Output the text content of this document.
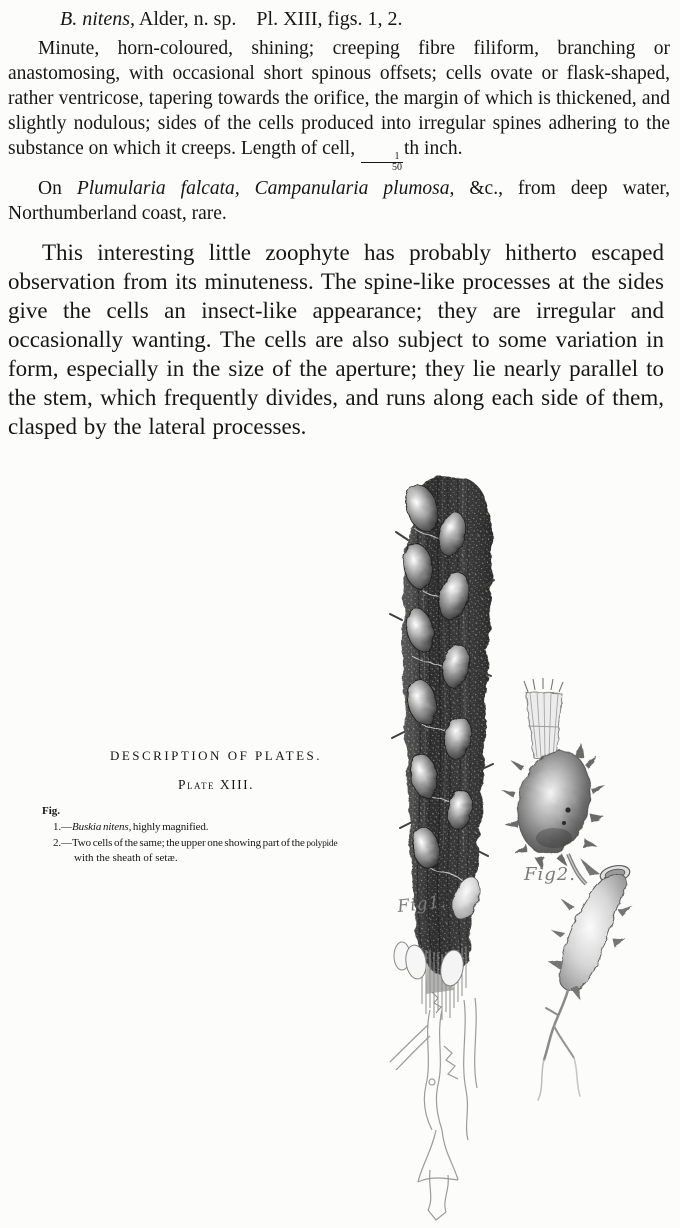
B. nitens, Alder, n. sp. Pl. XIII, figs. 1, 2.

Minute, horn-coloured, shining; creeping fibre filiform, branching or anastomosing, with occasional short spinous offsets; cells ovate or flask-shaped, rather ventricose, tapering towards the orifice, the margin of which is thickened, and slightly nodulous; sides of the cells produced into irregular spines adhering to the substance on which it creeps. Length of cell,
$\frac{1}{50}$
th inch.

On Plumularia falcata, Campanularia plumosa, &c., from deep water, Northumberland coast, rare.

This interesting little zoophyte has probably hitherto escaped observation from its minuteness. The spine-like processes at the sides give the cells an insect-like appearance; they are irregular and occasionally wanting. The cells are also subject to some variation in form, especially in the size of the aperture; they lie nearly parallel to the stem, which frequently divides, and runs along each side of them, clasped by the lateral processes.

DESCRIPTION OF PLATES.
Plate XIII.
Fig.
1.—Buskia nitens, highly magnified.
2.—Two cells of the same; the upper one showing part of the polypide
with the sheath of setæ.
Fig1.
Fig2.
